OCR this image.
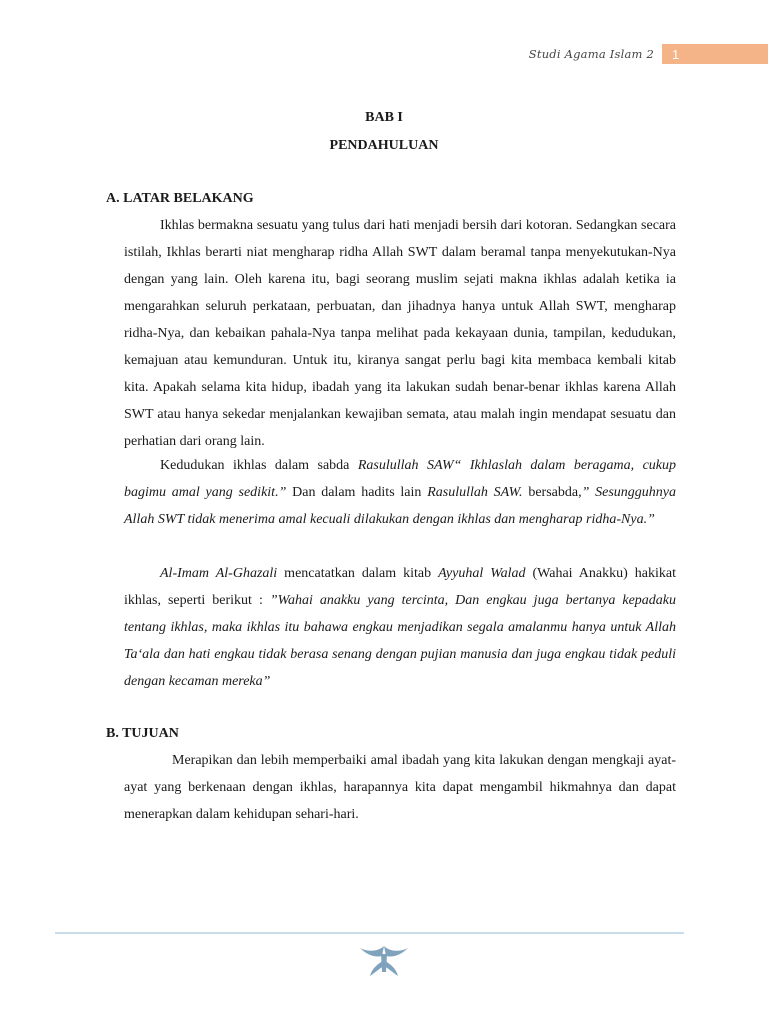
Studi Agama Islam 2	1
BAB I
PENDAHULUAN
A. LATAR BELAKANG

Ikhlas bermakna sesuatu yang tulus dari hati menjadi bersih dari kotoran. Sedangkan secara istilah, Ikhlas berarti niat mengharap ridha Allah SWT dalam beramal tanpa menyekutukan-Nya dengan yang lain. Oleh karena itu, bagi seorang muslim sejati makna ikhlas adalah ketika ia mengarahkan seluruh perkataan, perbuatan, dan jihadnya hanya untuk Allah SWT, mengharap ridha-Nya, dan kebaikan pahala-Nya tanpa melihat pada kekayaan dunia, tampilan, kedudukan, kemajuan atau kemunduran. Untuk itu, kiranya sangat perlu bagi kita membaca kembali kitab kita. Apakah selama kita hidup, ibadah yang ita lakukan sudah benar-benar ikhlas karena Allah SWT atau hanya sekedar menjalankan kewajiban semata, atau malah ingin mendapat sesuatu dan perhatian dari orang lain.

Kedudukan ikhlas dalam sabda Rasulullah SAW“ Ikhlaslah dalam beragama, cukup bagimu amal yang sedikit.” Dan dalam hadits lain Rasulullah SAW. bersabda,” Sesungguhnya Allah SWT tidak menerima amal kecuali dilakukan dengan ikhlas dan mengharap ridha-Nya.”

Al-Imam Al-Ghazali mencatatkan dalam kitab Ayyuhal Walad (Wahai Anakku) hakikat ikhlas, seperti berikut : ”Wahai anakku yang tercinta, Dan engkau juga bertanya kepadaku tentang ikhlas, maka ikhlas itu bahawa engkau menjadikan segala amalanmu hanya untuk Allah Ta‘ala dan hati engkau tidak berasa senang dengan pujian manusia dan juga engkau tidak peduli dengan kecaman mereka”

B. TUJUAN

Merapikan dan lebih memperbaiki amal ibadah yang kita lakukan dengan mengkaji ayat-ayat yang berkenaan dengan ikhlas, harapannya kita dapat mengambil hikmahnya dan dapat menerapkan dalam kehidupan sehari-hari.
